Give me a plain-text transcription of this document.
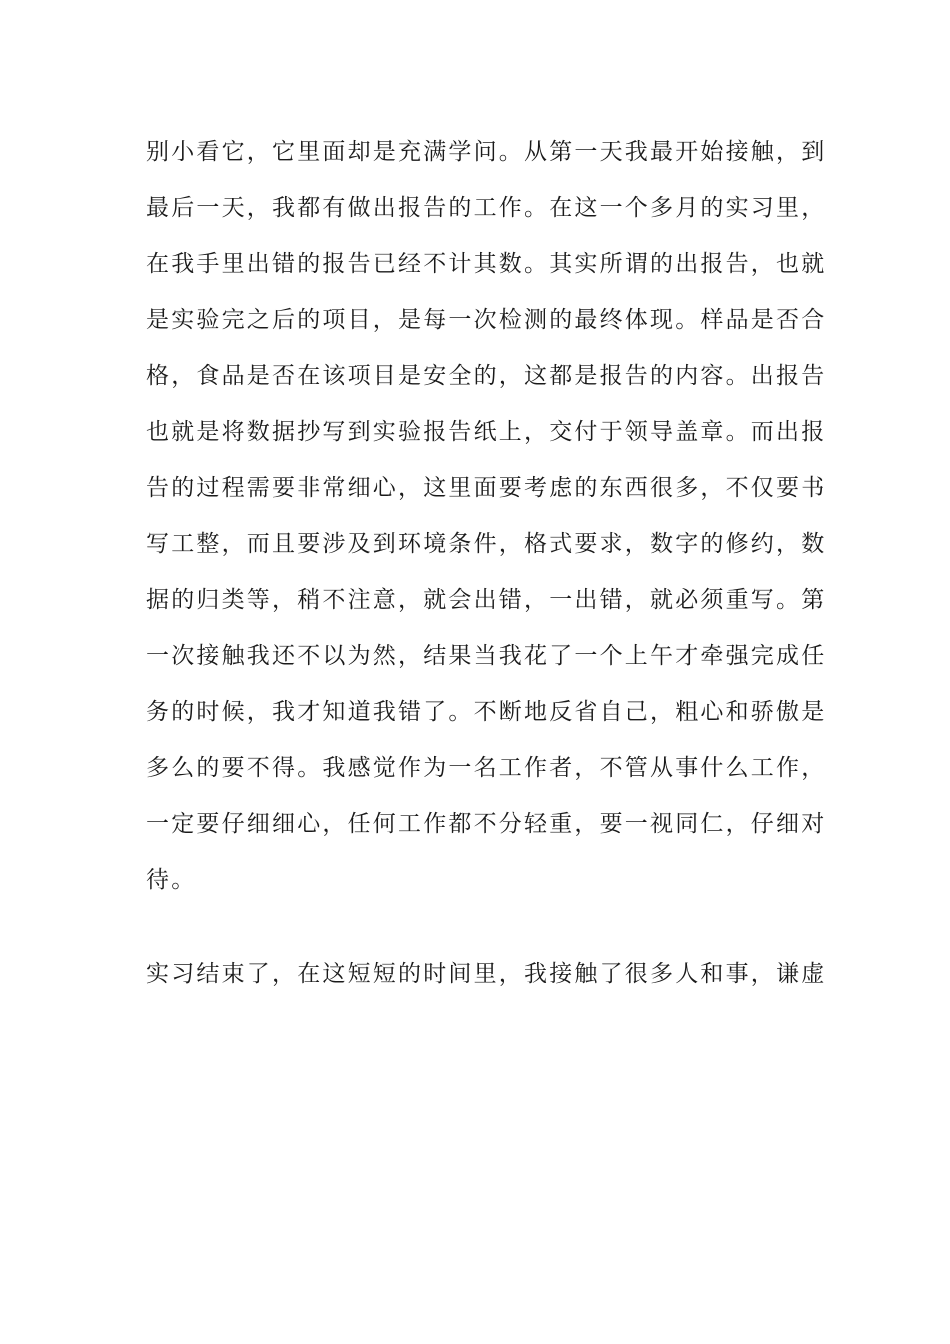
别小看它，它里面却是充满学问。从第一天我最开始接触，到
最后一天，我都有做出报告的工作。在这一个多月的实习里，
在我手里出错的报告已经不计其数。其实所谓的出报告，也就
是实验完之后的项目，是每一次检测的最终体现。样品是否合
格，食品是否在该项目是安全的，这都是报告的内容。出报告
也就是将数据抄写到实验报告纸上，交付于领导盖章。而出报
告的过程需要非常细心，这里面要考虑的东西很多，不仅要书
写工整，而且要涉及到环境条件，格式要求，数字的修约，数
据的归类等，稍不注意，就会出错，一出错，就必须重写。第
一次接触我还不以为然，结果当我花了一个上午才牵强完成任
务的时候，我才知道我错了。不断地反省自己，粗心和骄傲是
多么的要不得。我感觉作为一名工作者，不管从事什么工作，
一定要仔细细心，任何工作都不分轻重，要一视同仁，仔细对
待。
实习结束了，在这短短的时间里，我接触了很多人和事，谦虚
